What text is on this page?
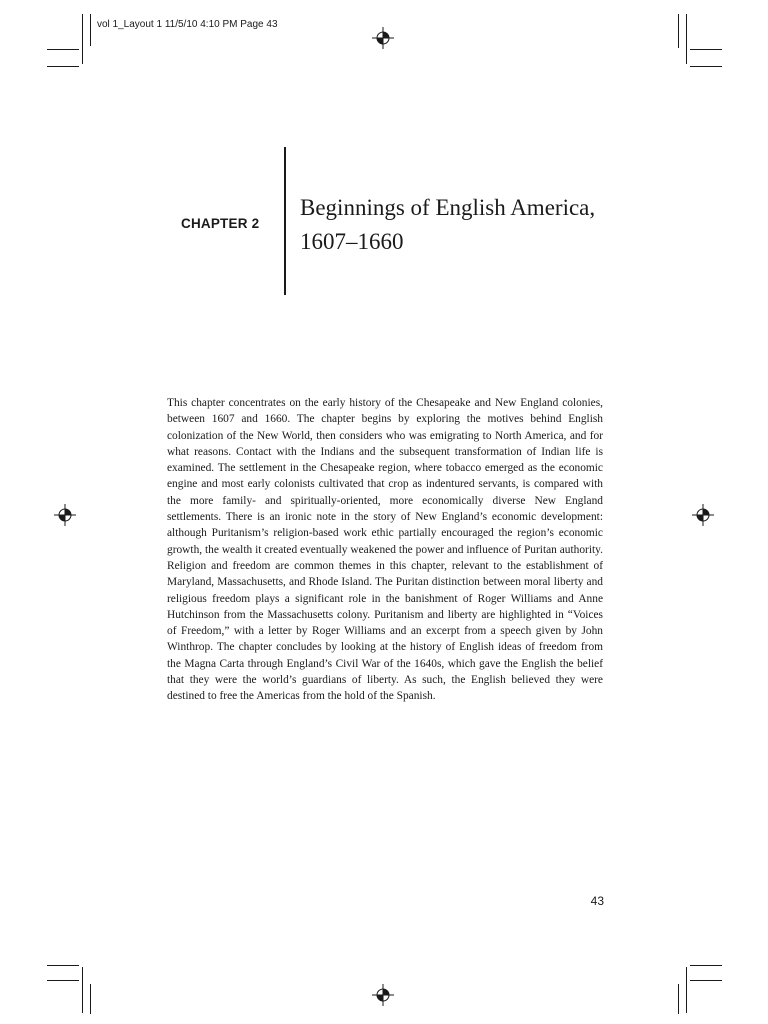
vol 1_Layout 1 11/5/10 4:10 PM Page 43
CHAPTER 2
Beginnings of English America,
1607–1660

This chapter concentrates on the early history of the Chesapeake and New England colonies, between 1607 and 1660. The chapter begins by exploring the motives behind English colonization of the New World, then considers who was emigrating to North America, and for what reasons. Contact with the Indians and the subsequent transformation of Indian life is examined. The settlement in the Chesapeake region, where tobacco emerged as the economic engine and most early colonists cultivated that crop as indentured servants, is compared with the more family- and spiritually-oriented, more economically diverse New England settlements. There is an ironic note in the story of New England’s economic development: although Puritanism’s religion-based work ethic partially encouraged the region’s economic growth, the wealth it created eventually weakened the power and influence of Puritan authority. Religion and freedom are common themes in this chapter, relevant to the establishment of Maryland, Massachusetts, and Rhode Island. The Puritan distinction between moral liberty and religious freedom plays a significant role in the banishment of Roger Williams and Anne Hutchinson from the Massachusetts colony. Puritanism and liberty are highlighted in “Voices of Freedom,” with a letter by Roger Williams and an excerpt from a speech given by John Winthrop. The chapter concludes by looking at the history of English ideas of freedom from the Magna Carta through England’s Civil War of the 1640s, which gave the English the belief that they were the world’s guardians of liberty. As such, the English believed they were destined to free the Americas from the hold of the Spanish.

43
